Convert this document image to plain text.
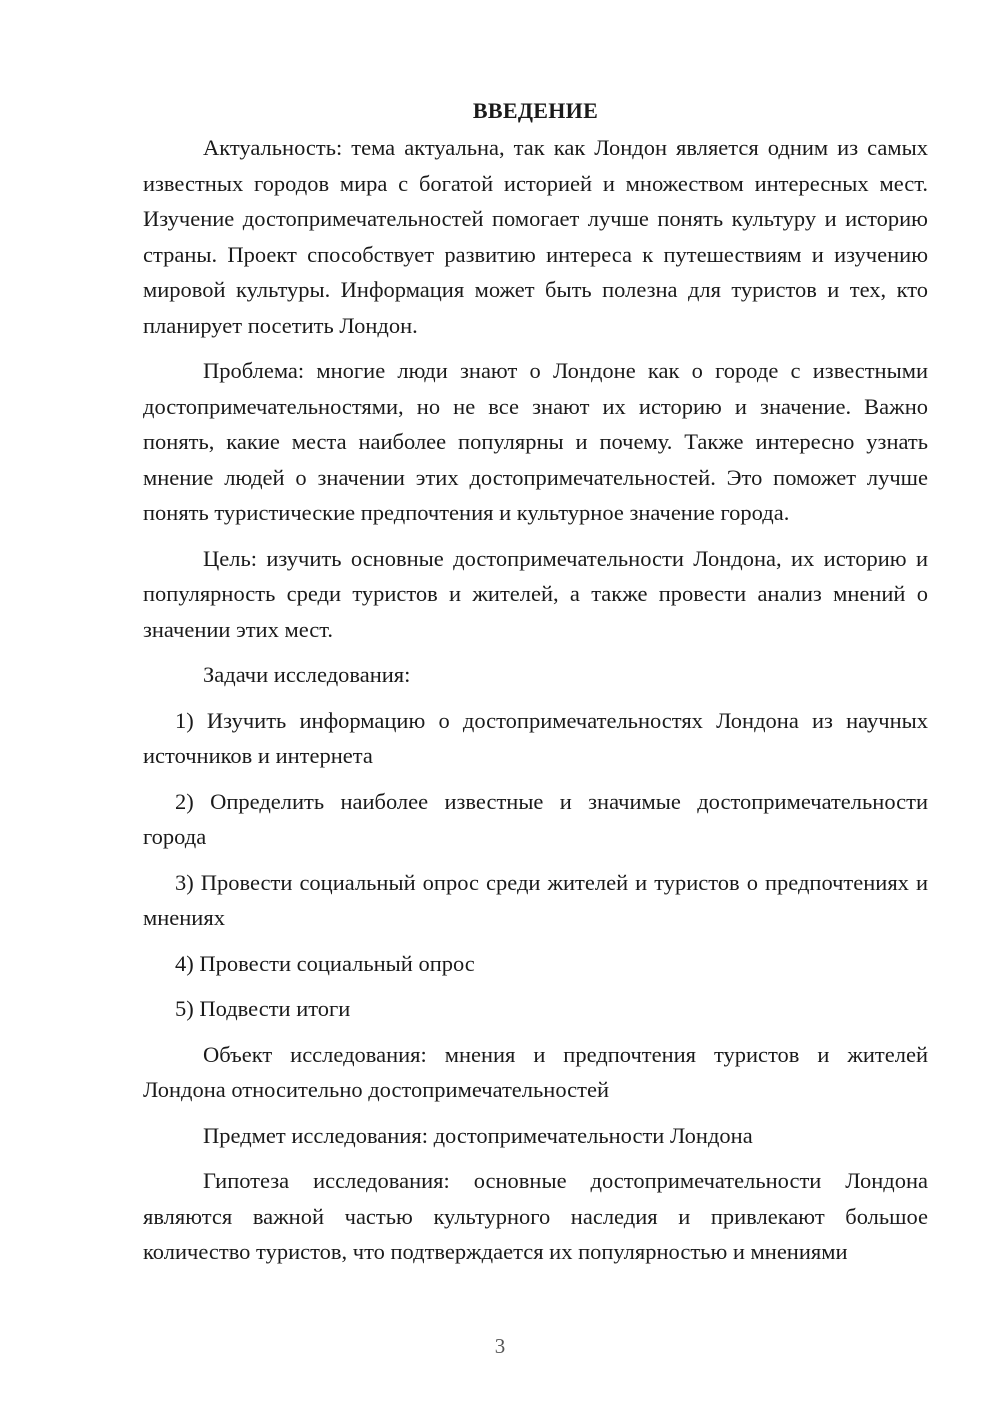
ВВЕДЕНИЕ

Актуальность: тема актуальна, так как Лондон является одним из самых известных городов мира с богатой историей и множеством интересных мест. Изучение достопримечательностей помогает лучше понять культуру и историю страны. Проект способствует развитию интереса к путешествиям и изучению мировой культуры. Информация может быть полезна для туристов и тех, кто планирует посетить Лондон.

Проблема: многие люди знают о Лондоне как о городе с известными достопримечательностями, но не все знают их историю и значение. Важно понять, какие места наиболее популярны и почему. Также интересно узнать мнение людей о значении этих достопримечательностей. Это поможет лучше понять туристические предпочтения и культурное значение города.

Цель: изучить основные достопримечательности Лондона, их историю и популярность среди туристов и жителей, а также провести анализ мнений о значении этих мест.

Задачи исследования:

1) Изучить информацию о достопримечательностях Лондона из научных источников и интернета

2) Определить наиболее известные и значимые достопримечательности города

3) Провести социальный опрос среди жителей и туристов о предпочтениях и мнениях

4) Провести социальный опрос

5) Подвести итоги

Объект исследования: мнения и предпочтения туристов и жителей Лондона относительно достопримечательностей

Предмет исследования: достопримечательности Лондона

Гипотеза исследования: основные достопримечательности Лондона являются важной частью культурного наследия и привлекают большое количество туристов, что подтверждается их популярностью и мнениями

3
